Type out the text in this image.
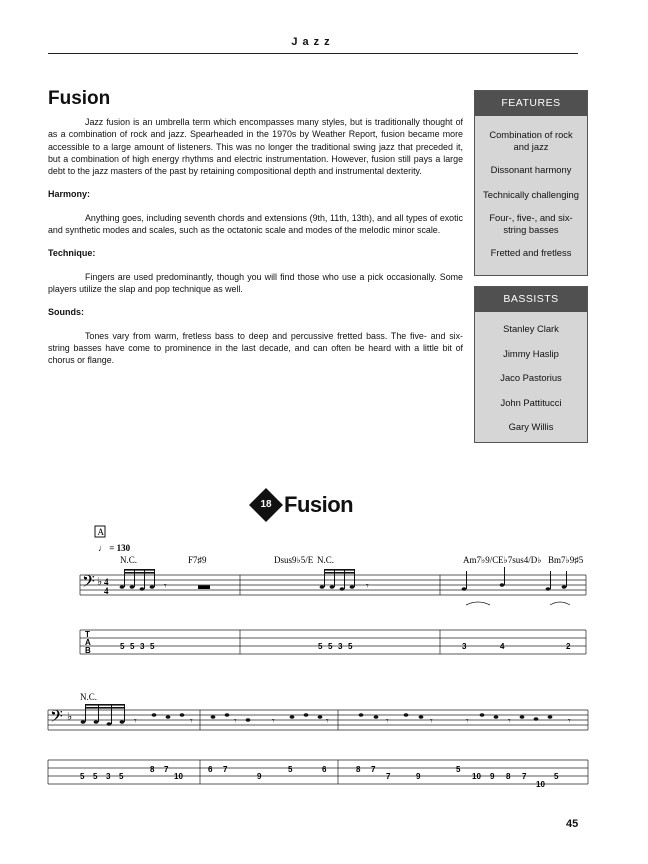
Jazz
Fusion

Jazz fusion is an umbrella term which encompasses many styles, but is traditionally thought of as a combination of rock and jazz. Spearheaded in the 1970s by Weather Report, fusion became more accessible to a large amount of listeners. This was no longer the traditional swing jazz that preceded it, but a combination of high energy rhythms and electric instrumentation. However, fusion still pays a large debt to the jazz masters of the past by retaining compositional depth and instrumental dexterity.

Harmony:

Anything goes, including seventh chords and extensions (9th, 11th, 13th), and all types of exotic and synthetic modes and scales, such as the octatonic scale and modes of the melodic minor scale.

Technique:

Fingers are used predominantly, though you will find those who use a pick occasionally. Some players utilize the slap and pop technique as well.

Sounds:

Tones vary from warm, fretless bass to deep and percussive fretted bass. The five- and six-string basses have come to prominence in the last decade, and can often be heard with a little bit of chorus or flange.

FEATURES
Combination of rock and jazz
Dissonant harmony
Technically challenging
Four-, five-, and six-string basses
Fretted and fretless
BASSISTS
Stanley Clark
Jimmy Haslip
Jaco Pastorius
John Pattitucci
Gary Willis
18 Fusion
A
♩ = 130
N.C.	F7♯9	Dsus9♭5/E N.C.	Am7♭9/C E♭7sus4/D♭ Bm7♭9♯5
𝄢 ♭ 4
4	𝄾	▬	𝄾
T
A
B	5 5 3 5	5 5 3 5	3	4	2
N.C.
𝄢 ♭	𝄾	𝄾	𝄾	𝄾	𝄾	𝄾	𝄾	𝄾	𝄾	𝄾
5 5 3 5
8 7
10
6 7
9
5	6	8 7
7	9
5
10 9 8 7
10
5
45
